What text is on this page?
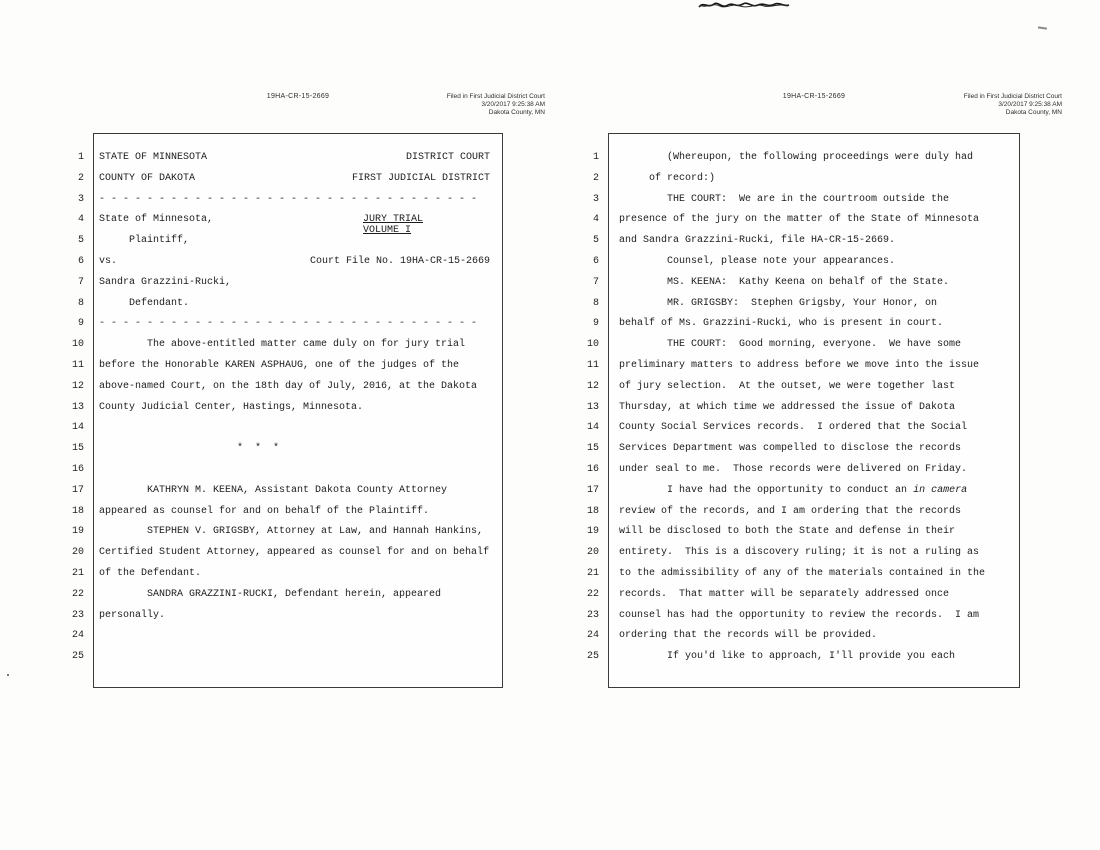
19HA-CR-15-2669	Filed in First Judicial District Court
3/20/2017 9:25:38 AM
Dakota County, MN
1
2
3
4
5
6
7
8
9
10
11
12
13
14
15
16
17
18
19
20
21
22
23
24
25
STATE OF MINNESOTA	DISTRICT COURT
COUNTY OF DAKOTA	FIRST JUDICIAL DISTRICT
- - - - - - - - - - - - - - - - - - - - - - - - - - - - - - - -
State of Minnesota,	JURY TRIAL
VOLUME I
Plaintiff,
vs.	Court File No. 19HA-CR-15-2669
Sandra Grazzini-Rucki,
Defendant.
- - - - - - - - - - - - - - - - - - - - - - - - - - - - - - - -
The above-entitled matter came duly on for jury trial
before the Honorable KAREN ASPHAUG, one of the judges of the
above-named Court, on the 18th day of July, 2016, at the Dakota
County Judicial Center, Hastings, Minnesota.
*  *  *
KATHRYN M. KEENA, Assistant Dakota County Attorney
appeared as counsel for and on behalf of the Plaintiff.
STEPHEN V. GRIGSBY, Attorney at Law, and Hannah Hankins,
Certified Student Attorney, appeared as counsel for and on behalf
of the Defendant.
SANDRA GRAZZINI-RUCKI, Defendant herein, appeared
personally.
19HA-CR-15-2669	Filed in First Judicial District Court
3/20/2017 9:25:38 AM
Dakota County, MN
1
2
3
4
5
6
7
8
9
10
11
12
13
14
15
16
17
18
19
20
21
22
23
24
25
(Whereupon, the following proceedings were duly had
of record:)
THE COURT:  We are in the courtroom outside the
presence of the jury on the matter of the State of Minnesota
and Sandra Grazzini-Rucki, file HA-CR-15-2669.
Counsel, please note your appearances.
MS. KEENA:  Kathy Keena on behalf of the State.
MR. GRIGSBY:  Stephen Grigsby, Your Honor, on
behalf of Ms. Grazzini-Rucki, who is present in court.
THE COURT:  Good morning, everyone.  We have some
preliminary matters to address before we move into the issue
of jury selection.  At the outset, we were together last
Thursday, at which time we addressed the issue of Dakota
County Social Services records.  I ordered that the Social
Services Department was compelled to disclose the records
under seal to me.  Those records were delivered on Friday.
I have had the opportunity to conduct an in camera
review of the records, and I am ordering that the records
will be disclosed to both the State and defense in their
entirety.  This is a discovery ruling; it is not a ruling as
to the admissibility of any of the materials contained in the
records.  That matter will be separately addressed once
counsel has had the opportunity to review the records.  I am
ordering that the records will be provided.
If you'd like to approach, I'll provide you each
